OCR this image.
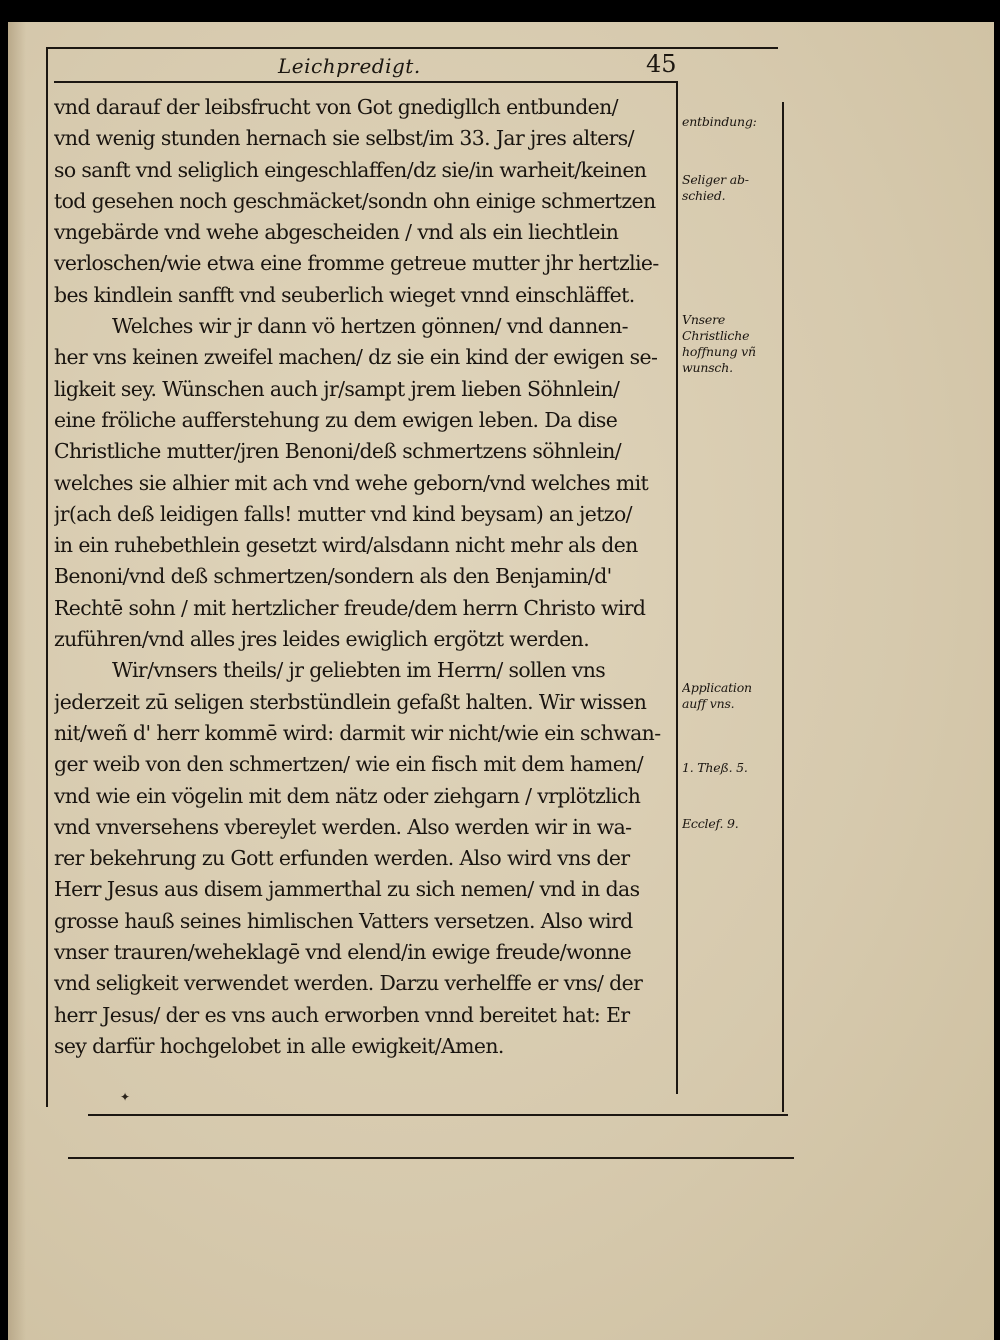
Leichpredigt.	45
vnd darauf der leibsfrucht von Got gnedigllch entbunden/
vnd wenig stunden hernach sie selbst/im 33. Jar jres alters/
so sanft vnd seliglich eingeschlaffen/dz sie/in warheit/keinen
tod gesehen noch geschmäcket/sondn ohn einige schmertzen
vngebärde vnd wehe abgescheiden / vnd als ein liechtlein
verloschen/wie etwa eine fromme getreue mutter jhr hertzlie-
bes kindlein sanfft vnd seuberlich wieget vnnd einschläffet.
Welches wir jr dann vö hertzen gönnen/ vnd dannen-
her vns keinen zweifel machen/ dz sie ein kind der ewigen se-
ligkeit sey. Wünschen auch jr/sampt jrem lieben Söhnlein/
eine fröliche aufferstehung zu dem ewigen leben. Da dise
Christliche mutter/jren Benoni/deß schmertzens söhnlein/
welches sie alhier mit ach vnd wehe geborn/vnd welches mit
jr(ach deß leidigen falls! mutter vnd kind beysam) an jetzo/
in ein ruhebethlein gesetzt wird/alsdann nicht mehr als den
Benoni/vnd deß schmertzen/sondern als den Benjamin/d'
Rechtē sohn / mit hertzlicher freude/dem herrn Christo wird
zuführen/vnd alles jres leides ewiglich ergötzt werden.
Wir/vnsers theils/ jr geliebten im Herrn/ sollen vns
jederzeit zū seligen sterbstündlein gefaßt halten. Wir wissen
nit/weñ d' herr kommē wird: darmit wir nicht/wie ein schwan-
ger weib von den schmertzen/ wie ein fisch mit dem hamen/
vnd wie ein vögelin mit dem nätz oder ziehgarn / vrplötzlich
vnd vnversehens vbereylet werden. Also werden wir in wa-
rer bekehrung zu Gott erfunden werden. Also wird vns der
Herr Jesus aus disem jammerthal zu sich nemen/ vnd in das
grosse hauß seines himlischen Vatters versetzen. Also wird
vnser trauren/weheklagē vnd elend/in ewige freude/wonne
vnd seligkeit verwendet werden. Darzu verhelffe er vns/ der
herr Jesus/ der es vns auch erworben vnnd bereitet hat: Er
sey darfür hochgelobet in alle ewigkeit/Amen.
entbindung:
Seliger ab-
schied.
Vnsere
Christliche
hoffnung vñ
wunsch.
Application
auff vns.
1. Theß. 5.
Ecclef. 9.
✦
